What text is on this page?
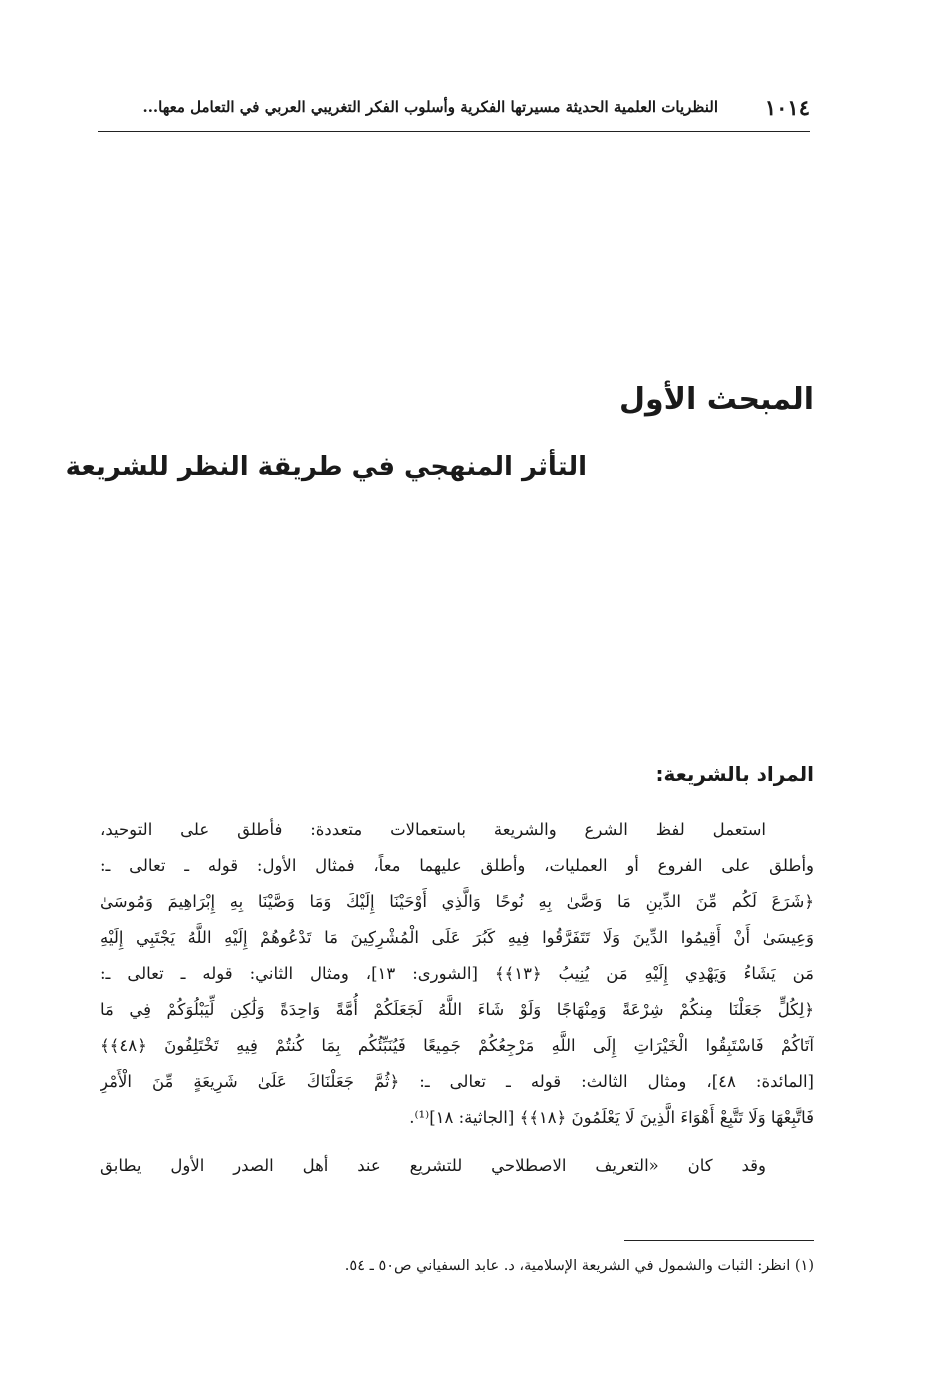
١٠١٤
النظريات العلمية الحديثة مسيرتها الفكرية وأسلوب الفكر التغريبي العربي في التعامل معها...
المبحث الأول
التأثر المنهجي في طريقة النظر للشريعة
المراد بالشريعة:
استعمل لفظ الشرع والشريعة باستعمالات متعددة: فأطلق على التوحيد،
وأطلق على الفروع أو العمليات، وأطلق عليهما معاً، فمثال الأول: قوله ـ تعالى ـ:
﴿شَرَعَ لَكُم مِّنَ الدِّينِ مَا وَصَّىٰ بِهِ نُوحًا وَالَّذِي أَوْحَيْنَا إِلَيْكَ وَمَا وَصَّيْنَا بِهِ إِبْرَاهِيمَ وَمُوسَىٰ
وَعِيسَىٰ أَنْ أَقِيمُوا الدِّينَ وَلَا تَتَفَرَّقُوا فِيهِ كَبُرَ عَلَى الْمُشْرِكِينَ مَا تَدْعُوهُمْ إِلَيْهِ اللَّهُ يَجْتَبِي إِلَيْهِ
مَن يَشَاءُ وَيَهْدِي إِلَيْهِ مَن يُنِيبُ ﴿١٣﴾﴾ [الشورى: ١٣]، ومثال الثاني: قوله ـ تعالى ـ:
﴿لِكُلٍّ جَعَلْنَا مِنكُمْ شِرْعَةً وَمِنْهَاجًا وَلَوْ شَاءَ اللَّهُ لَجَعَلَكُمْ أُمَّةً وَاحِدَةً وَلَٰكِن لِّيَبْلُوَكُمْ فِي مَا
آتَاكُمْ فَاسْتَبِقُوا الْخَيْرَاتِ إِلَى اللَّهِ مَرْجِعُكُمْ جَمِيعًا فَيُنَبِّئُكُم بِمَا كُنتُمْ فِيهِ تَخْتَلِفُونَ ﴿٤٨﴾﴾
[المائدة: ٤٨]، ومثال الثالث: قوله ـ تعالى ـ: ﴿ثُمَّ جَعَلْنَاكَ عَلَىٰ شَرِيعَةٍ مِّنَ الْأَمْرِ
فَاتَّبِعْهَا وَلَا تَتَّبِعْ أَهْوَاءَ الَّذِينَ لَا يَعْلَمُونَ ﴿١٨﴾﴾ [الجاثية: ١٨]⁽¹⁾.
وقد كان «التعريف الاصطلاحي للتشريع عند أهل الصدر الأول يطابق
(١) انظر: الثبات والشمول في الشريعة الإسلامية، د. عابد السفياني ص٥٠ ـ ٥٤.
